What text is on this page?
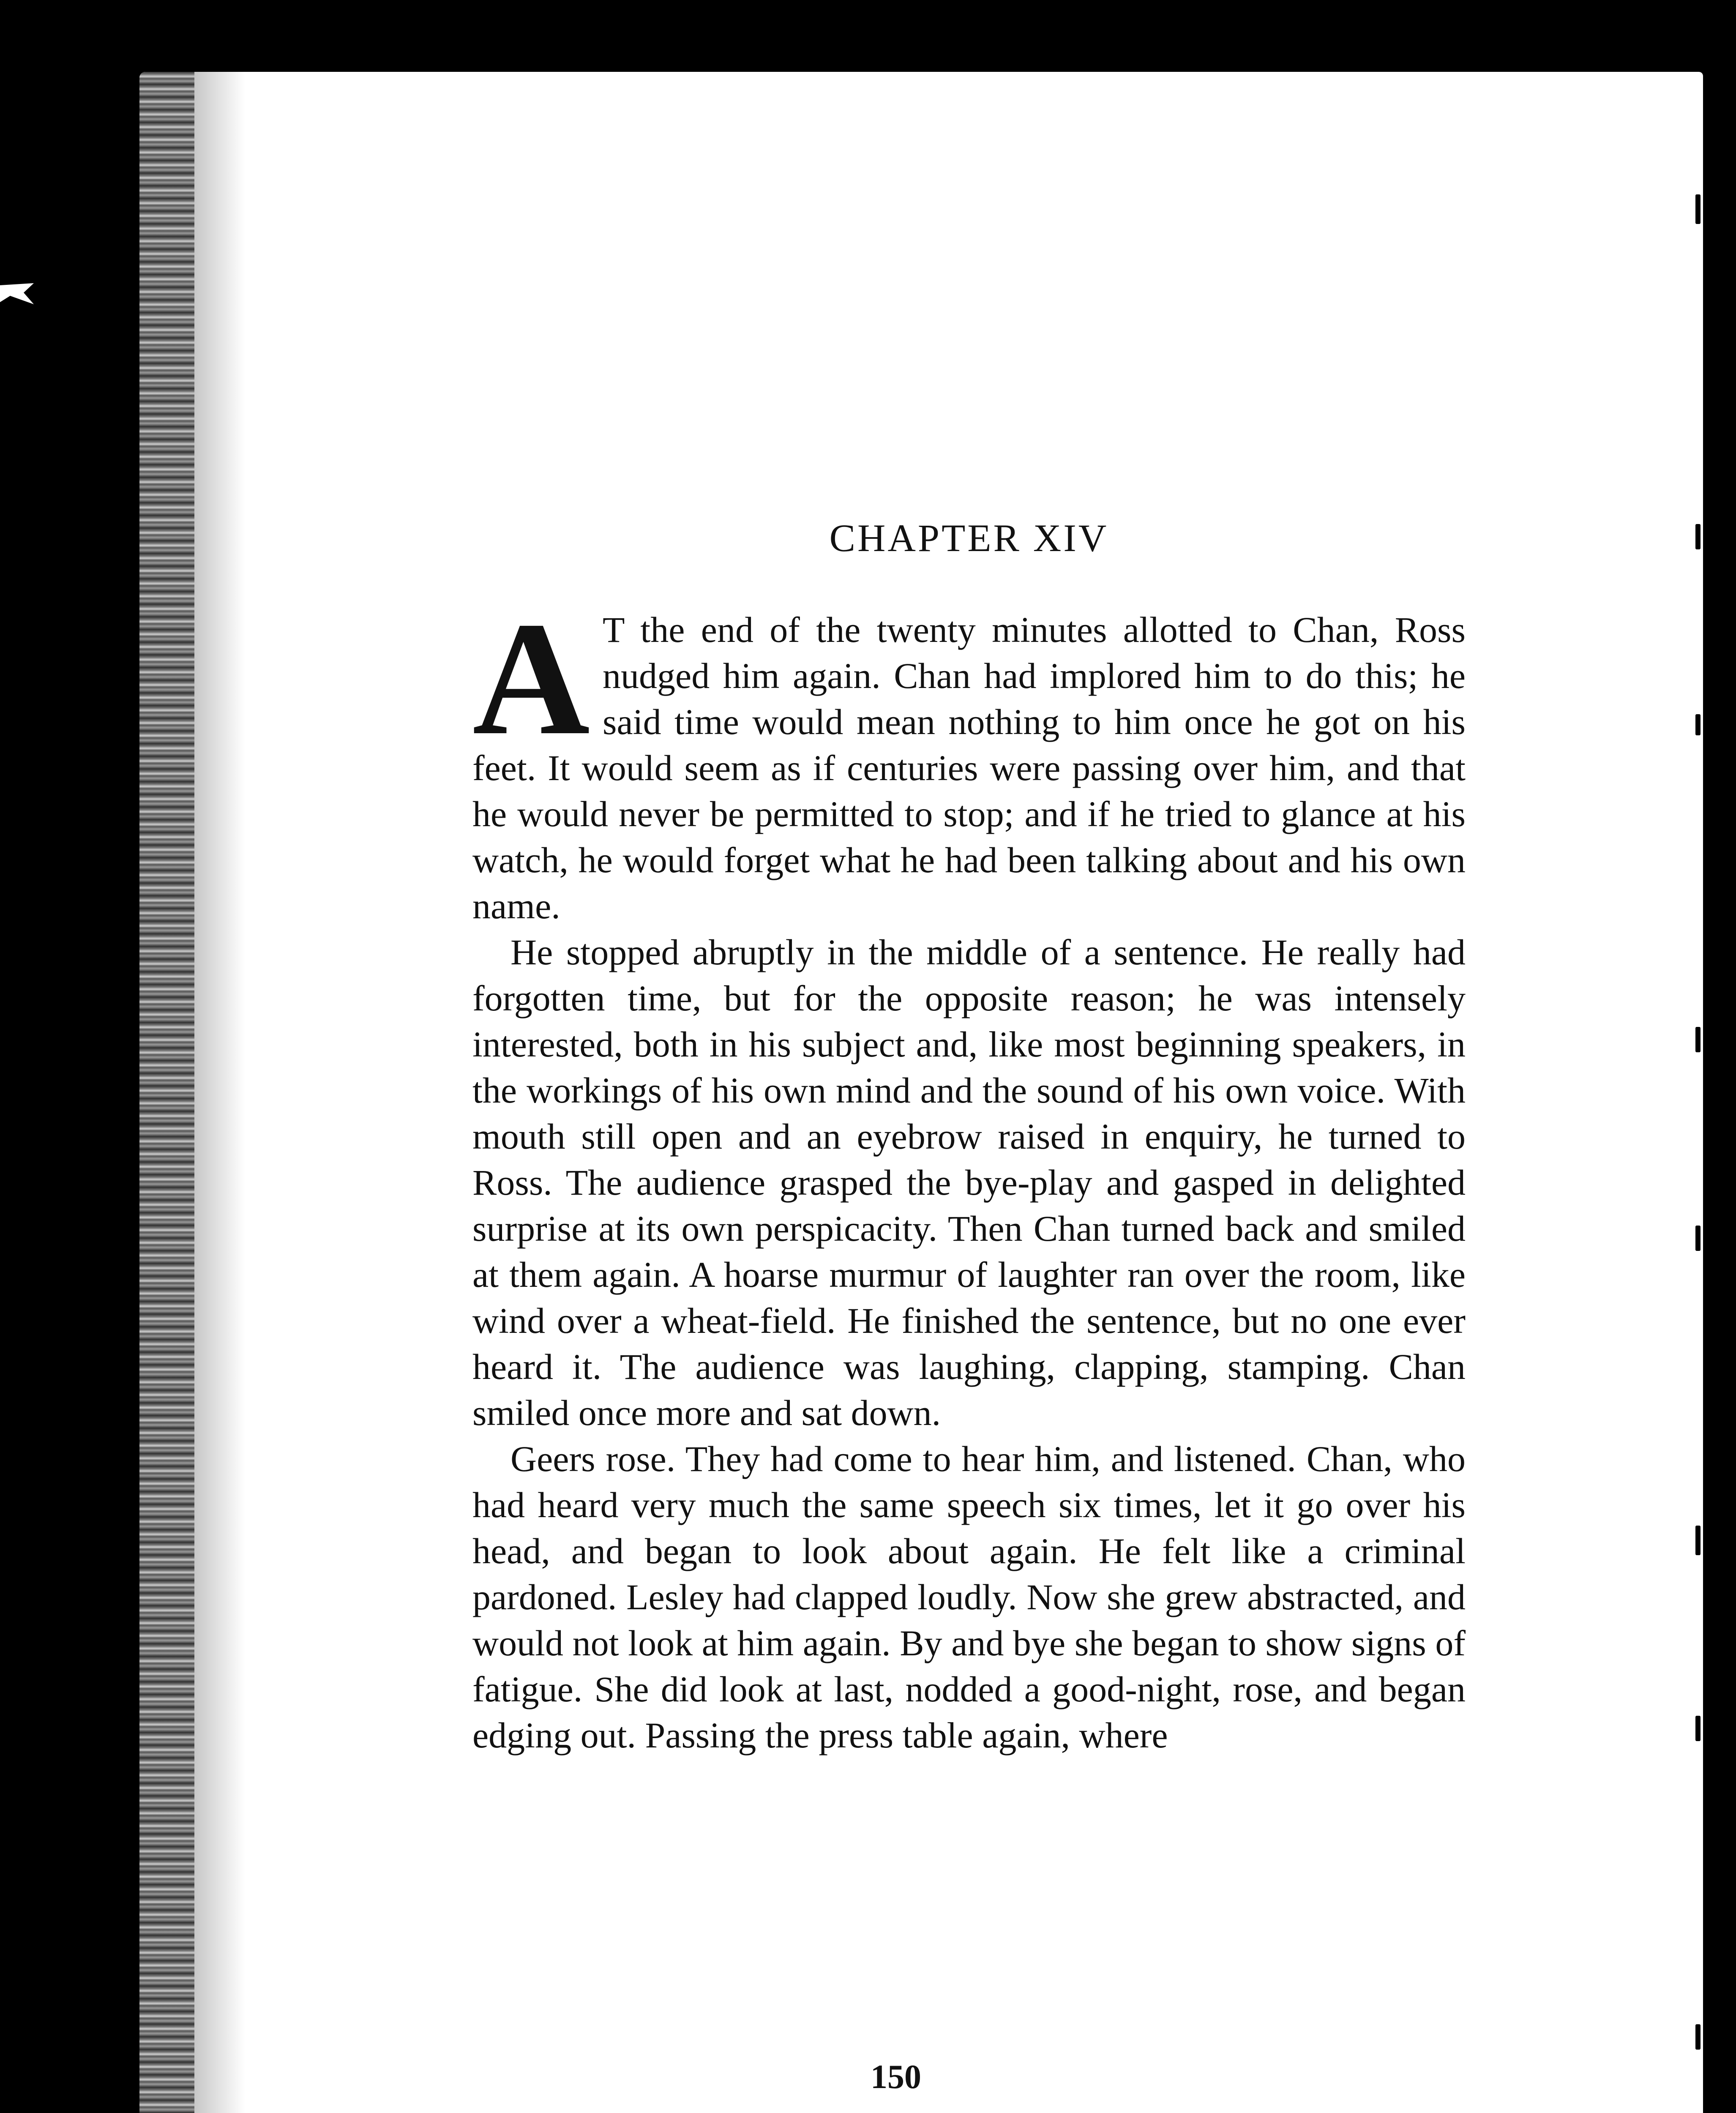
CHAPTER XIV

A T the end of the twenty minutes allotted to Chan, Ross nudged him again. Chan had implored him to do this; he said time would mean nothing to him once he got on his feet. It would seem as if centuries were passing over him, and that he would never be permitted to stop; and if he tried to glance at his watch, he would forget what he had been talking about and his own name.

He stopped abruptly in the middle of a sentence. He really had forgotten time, but for the opposite reason; he was intensely interested, both in his subject and, like most beginning speakers, in the workings of his own mind and the sound of his own voice. With mouth still open and an eyebrow raised in enquiry, he turned to Ross. The audience grasped the bye-play and gasped in delighted surprise at its own perspicacity. Then Chan turned back and smiled at them again. A hoarse murmur of laughter ran over the room, like wind over a wheat-field. He finished the sentence, but no one ever heard it. The audience was laughing, clapping, stamping. Chan smiled once more and sat down.

Geers rose. They had come to hear him, and listened. Chan, who had heard very much the same speech six times, let it go over his head, and began to look about again. He felt like a criminal pardoned. Lesley had clapped loudly. Now she grew abstracted, and would not look at him again. By and bye she began to show signs of fatigue. She did look at last, nodded a good-night, rose, and began edging out. Passing the press table again, where

150
